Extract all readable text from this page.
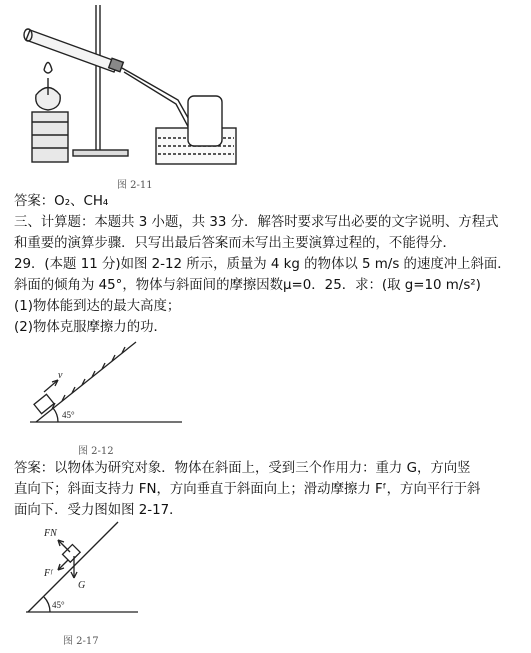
图 2-11
答案：O₂、CH₄
三、计算题：本题共 3 小题，共 33 分．解答时要求写出必要的文字说明、方程式
和重要的演算步骤．只写出最后答案而未写出主要演算过程的，不能得分．
29．(本题 11 分)如图 2-12 所示，质量为 4 kg 的物体以 5 m/s 的速度冲上斜面．
斜面的倾角为 45°，物体与斜面间的摩擦因数μ=0．25．求：(取 g=10 m/s²)
(1)物体能到达的最大高度；
(2)物体克服摩擦力的功．
v
45°
图 2-12
答案：以物体为研究对象．物体在斜面上，受到三个作用力：重力 G，方向竖
直向下；斜面支持力 FN，方向垂直于斜面向上；滑动摩擦力 Fᶠ，方向平行于斜
面向下．受力图如图 2-17．
FN
Fᶠ
G
45°
图 2-17
